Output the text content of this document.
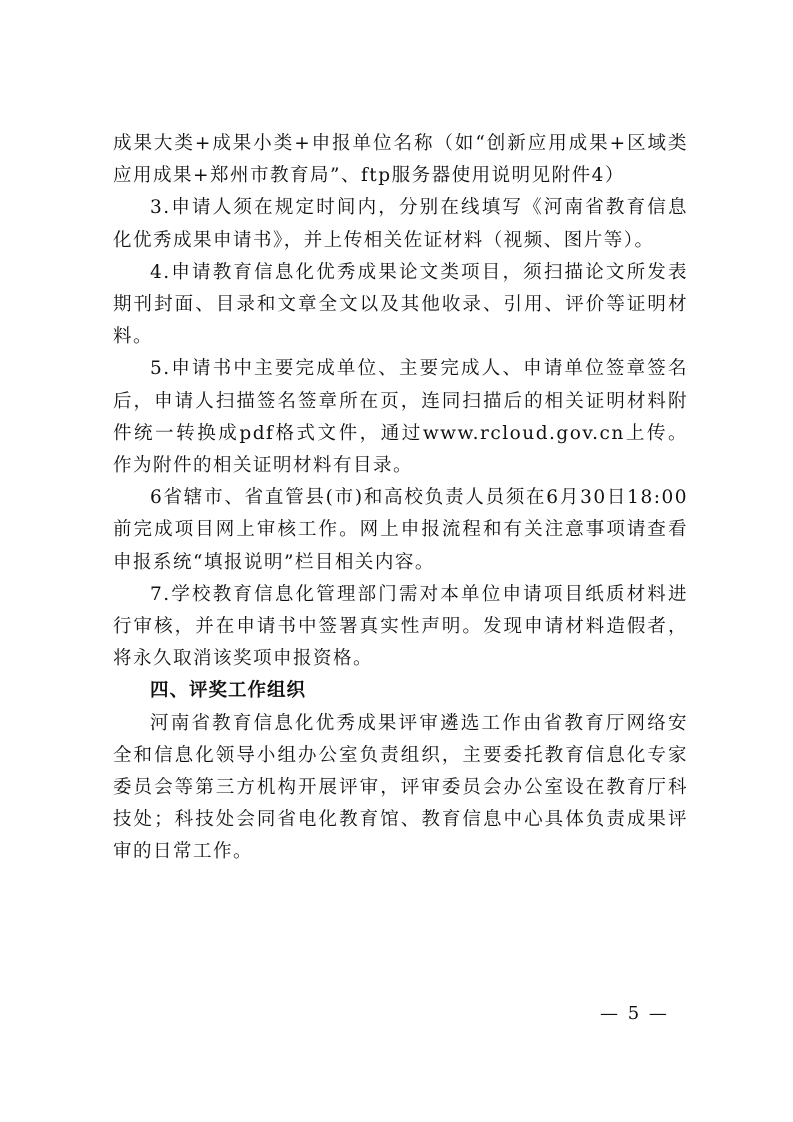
成果大类+成果小类+申报单位名称（如“创新应用成果+区域类应用成果+郑州市教育局”、ftp服务器使用说明见附件4）

3.申请人须在规定时间内，分别在线填写《河南省教育信息化优秀成果申请书》，并上传相关佐证材料（视频、图片等）。

4.申请教育信息化优秀成果论文类项目，须扫描论文所发表期刊封面、目录和文章全文以及其他收录、引用、评价等证明材料。

5.申请书中主要完成单位、主要完成人、申请单位签章签名后，申请人扫描签名签章所在页，连同扫描后的相关证明材料附件统一转换成pdf格式文件，通过www.rcloud.gov.cn上传。作为附件的相关证明材料有目录。

6省辖市、省直管县(市)和高校负责人员须在6月30日18:00前完成项目网上审核工作。网上申报流程和有关注意事项请查看申报系统“填报说明”栏目相关内容。

7.学校教育信息化管理部门需对本单位申请项目纸质材料进行审核，并在申请书中签署真实性声明。发现申请材料造假者，将永久取消该奖项申报资格。

四、评奖工作组织

河南省教育信息化优秀成果评审遴选工作由省教育厅网络安全和信息化领导小组办公室负责组织，主要委托教育信息化专家委员会等第三方机构开展评审，评审委员会办公室设在教育厅科技处；科技处会同省电化教育馆、教育信息中心具体负责成果评审的日常工作。

— 5 —
